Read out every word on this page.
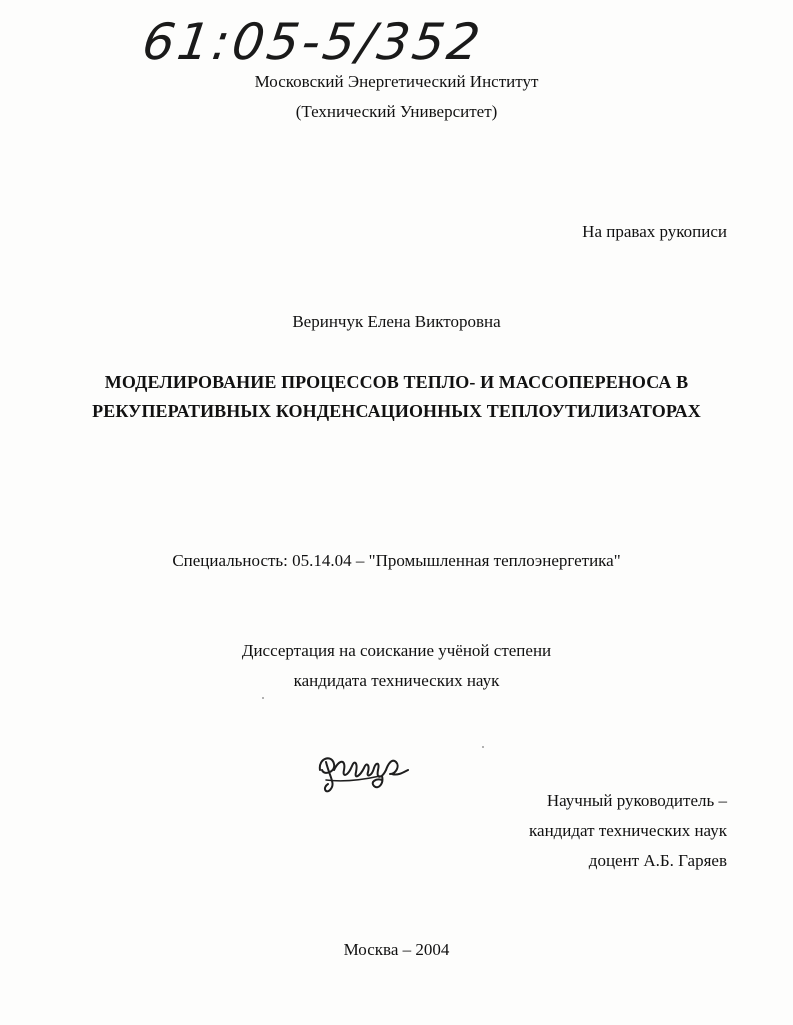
61:05-5/352
Московский Энергетический Институт
(Технический Университет)
На правах рукописи
Веринчук Елена Викторовна
МОДЕЛИРОВАНИЕ ПРОЦЕССОВ ТЕПЛО- И МАССОПЕРЕНОСА В
РЕКУПЕРАТИВНЫХ КОНДЕНСАЦИОННЫХ ТЕПЛОУТИЛИЗАТОРАХ
Специальность: 05.14.04 – "Промышленная теплоэнергетика"
Диссертация на соискание учёной степени
кандидата технических наук
Научный руководитель –
кандидат технических наук
доцент А.Б. Гаряев
Москва – 2004
